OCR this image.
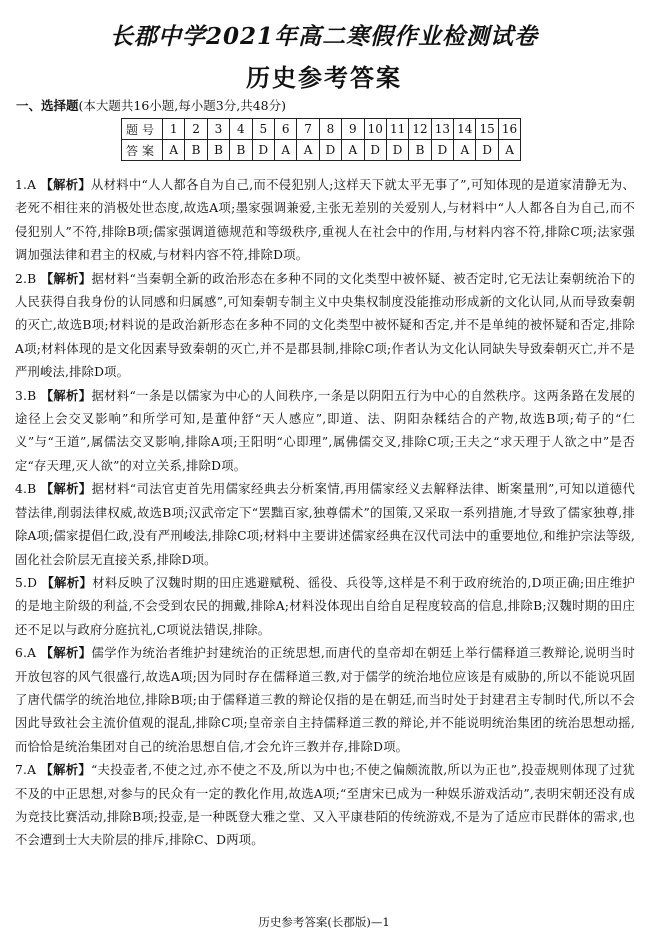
长郡中学2021年高二寒假作业检测试卷
历史参考答案
一、选择题(本大题共16小题,每小题3分,共48分)
题号	1	2	3	4	5	6	7	8	9	10	11	12	13	14	15	16
答案	A	B	B	B	D	A	A	D	A	D	D	B	D	A	D	A

1.A 【解析】从材料中“人人都各自为自己,而不侵犯别人;这样天下就太平无事了”,可知体现的是道家清静无为、老死不相往来的消极处世态度,故选A项;墨家强调兼爱,主张无差别的关爱别人,与材料中“人人都各自为自己,而不侵犯别人”不符,排除B项;儒家强调道德规范和等级秩序,重视人在社会中的作用,与材料内容不符,排除C项;法家强调加强法律和君主的权威,与材料内容不符,排除D项。

2.B 【解析】据材料“当秦朝全新的政治形态在多种不同的文化类型中被怀疑、被否定时,它无法让秦朝统治下的人民获得自我身份的认同感和归属感”,可知秦朝专制主义中央集权制度没能推动形成新的文化认同,从而导致秦朝的灭亡,故选B项;材料说的是政治新形态在多种不同的文化类型中被怀疑和否定,并不是单纯的被怀疑和否定,排除A项;材料体现的是文化因素导致秦朝的灭亡,并不是郡县制,排除C项;作者认为文化认同缺失导致秦朝灭亡,并不是严刑峻法,排除D项。

3.B 【解析】据材料“一条是以儒家为中心的人间秩序,一条是以阴阳五行为中心的自然秩序。这两条路在发展的途径上会交叉影响”和所学可知,是董仲舒“天人感应”,即道、法、阴阳杂糅结合的产物,故选B项;荀子的“仁义”与“王道”,属儒法交叉影响,排除A项;王阳明“心即理”,属佛儒交叉,排除C项;王夫之“求天理于人欲之中”是否定“存天理,灭人欲”的对立关系,排除D项。

4.B 【解析】据材料“司法官吏首先用儒家经典去分析案情,再用儒家经义去解释法律、断案量刑”,可知以道德代替法律,削弱法律权威,故选B项;汉武帝定下“罢黜百家,独尊儒术”的国策,又采取一系列措施,才导致了儒家独尊,排除A项;儒家提倡仁政,没有严刑峻法,排除C项;材料中主要讲述儒家经典在汉代司法中的重要地位,和维护宗法等级,固化社会阶层无直接关系,排除D项。

5.D 【解析】材料反映了汉魏时期的田庄逃避赋税、徭役、兵役等,这样是不利于政府统治的,D项正确;田庄维护的是地主阶级的利益,不会受到农民的拥戴,排除A;材料没体现出自给自足程度较高的信息,排除B;汉魏时期的田庄还不足以与政府分庭抗礼,C项说法错误,排除。

6.A 【解析】儒学作为统治者维护封建统治的正统思想,而唐代的皇帝却在朝廷上举行儒释道三教辩论,说明当时开放包容的风气很盛行,故选A项;因为同时存在儒释道三教,对于儒学的统治地位应该是有威胁的,所以不能说巩固了唐代儒学的统治地位,排除B项;由于儒释道三教的辩论仅指的是在朝廷,而当时处于封建君主专制时代,所以不会因此导致社会主流价值观的混乱,排除C项;皇帝亲自主持儒释道三教的辩论,并不能说明统治集团的统治思想动摇,而恰恰是统治集团对自己的统治思想自信,才会允许三教并存,排除D项。

7.A 【解析】“夫投壶者,不使之过,亦不使之不及,所以为中也;不使之偏颇流散,所以为正也”,投壶规则体现了过犹不及的中正思想,对参与的民众有一定的教化作用,故选A项;“至唐宋已成为一种娱乐游戏活动”,表明宋朝还没有成为竞技比赛活动,排除B项;投壶,是一种既登大雅之堂、又入平康巷陌的传统游戏,不是为了适应市民群体的需求,也不会遭到士大夫阶层的排斥,排除C、D两项。

历史参考答案(长郡版)—1
